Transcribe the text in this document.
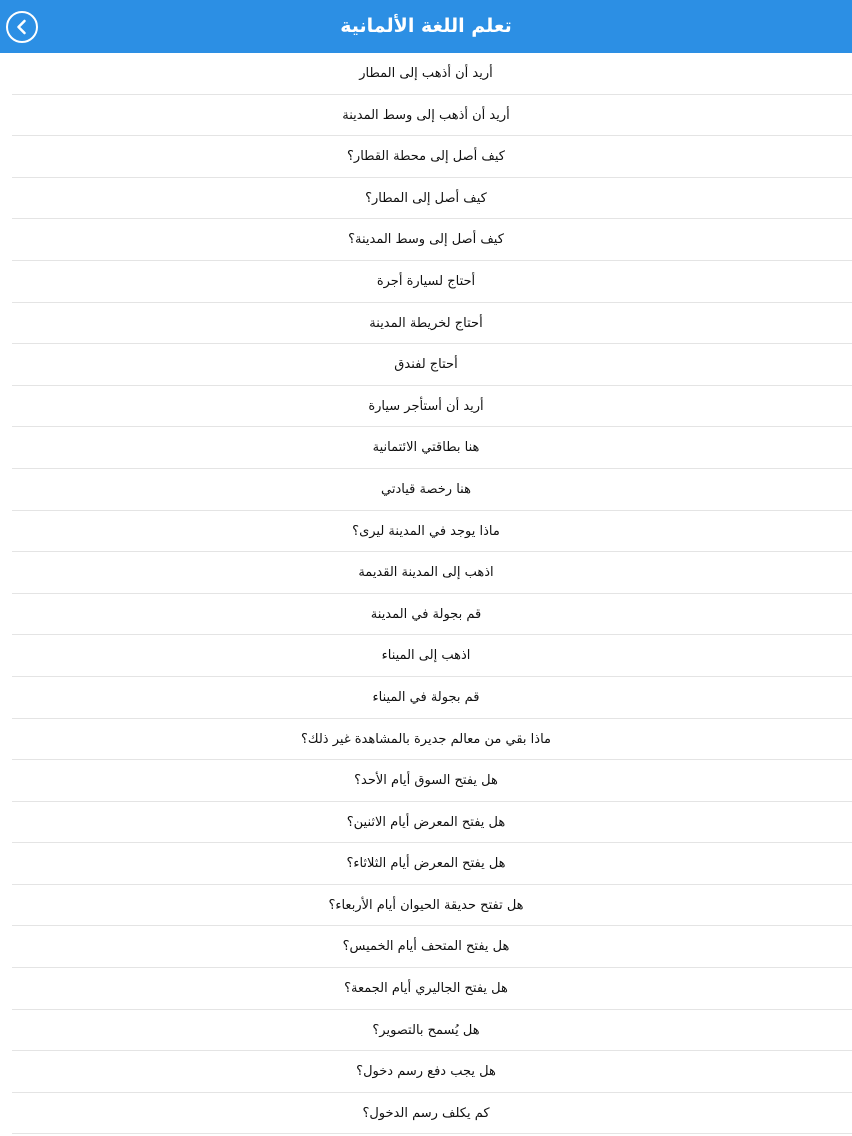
تعلم اللغة الألمانية
أريد أن أذهب إلى المطار
أريد أن أذهب إلى وسط المدينة
كيف أصل إلى محطة القطار؟
كيف أصل إلى المطار؟
كيف أصل إلى وسط المدينة؟
أحتاج لسيارة أجرة
أحتاج لخريطة المدينة
أحتاج لفندق
أريد أن أستأجر سيارة
هنا بطاقتي الائتمانية
هنا رخصة قيادتي
ماذا يوجد في المدينة ليرى؟
اذهب إلى المدينة القديمة
قم بجولة في المدينة
اذهب إلى الميناء
قم بجولة في الميناء
ماذا بقي من معالم جديرة بالمشاهدة غير ذلك؟
هل يفتح السوق أيام الأحد؟
هل يفتح المعرض أيام الاثنين؟
هل يفتح المعرض أيام الثلاثاء؟
هل تفتح حديقة الحيوان أيام الأربعاء؟
هل يفتح المتحف أيام الخميس؟
هل يفتح الجاليري أيام الجمعة؟
هل يُسمح بالتصوير؟
هل يجب دفع رسم دخول؟
كم يكلف رسم الدخول؟
